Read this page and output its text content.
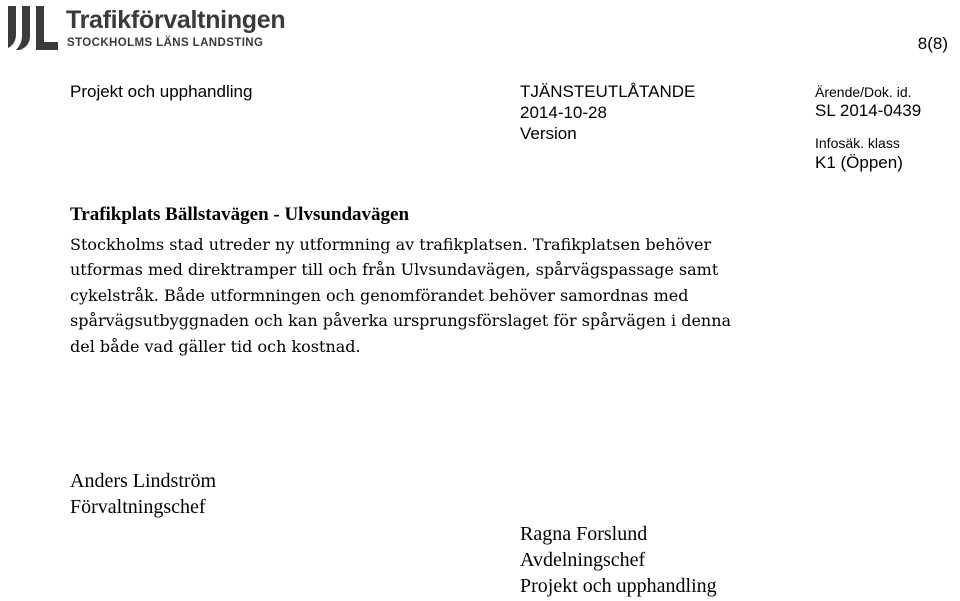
Trafikförvaltningen
STOCKHOLMS LÄNS LANDSTING	8(8)
Projekt och upphandling	TJÄNSTEUTLÅTANDE
2014-10-28
Version
Ärende/Dok. id.
SL 2014-0439
Infosäk. klass
K1 (Öppen)
Trafikplats Bällstavägen - Ulvsundavägen
Stockholms stad utreder ny utformning av trafikplatsen. Trafikplatsen behöver
utformas med direktramper till och från Ulvsundavägen, spårvägspassage samt
cykelstråk. Både utformningen och genomförandet behöver samordnas med
spårvägsutbyggnaden och kan påverka ursprungsförslaget för spårvägen i denna
del både vad gäller tid och kostnad.
Anders Lindström
Förvaltningschef
Ragna Forslund
Avdelningschef
Projekt och upphandling
